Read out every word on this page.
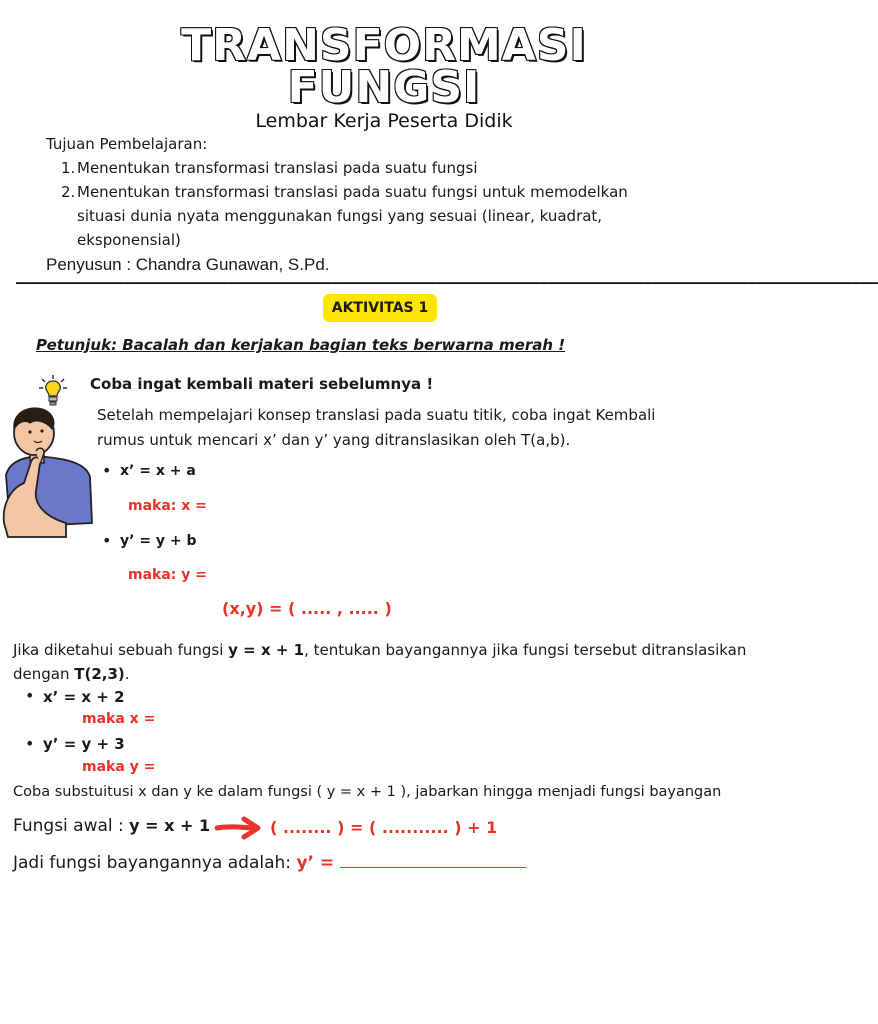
TRANSFORMASI
FUNGSI
Lembar Kerja Peserta Didik
Tujuan Pembelajaran:
1. Menentukan transformasi translasi pada suatu fungsi
2. Menentukan transformasi translasi pada suatu fungsi untuk memodelkan
situasi dunia nyata menggunakan fungsi yang sesuai (linear, kuadrat,
eksponensial)
Penyusun : Chandra Gunawan, S.Pd.
––––––––––––––––––––––––––––––––––––––––––––––––––––––––––––––––––––––––––––––––––––––––––––––––––––––––––––––––––––
AKTIVITAS 1
Petunjuk: Bacalah dan kerjakan bagian teks berwarna merah !
Coba ingat kembali materi sebelumnya !
Setelah mempelajari konsep translasi pada suatu titik, coba ingat Kembali
rumus untuk mencari x’ dan y’ yang ditranslasikan oleh T(a,b).
• x’ = x + a
maka: x =
• y’ = y + b
maka: y =
(x,y) = ( ..... , ..... )
Jika diketahui sebuah fungsi y = x + 1, tentukan bayangannya jika fungsi tersebut ditranslasikan
dengan T(2,3).
• x’ = x + 2
maka x =
• y’ = y + 3
maka y =
Coba substuitusi x dan y ke dalam fungsi ( y = x + 1 ), jabarkan hingga menjadi fungsi bayangan
Fungsi awal : y = x + 1	( ........ ) = ( ........... ) + 1
Jadi fungsi bayangannya adalah: y’ =
